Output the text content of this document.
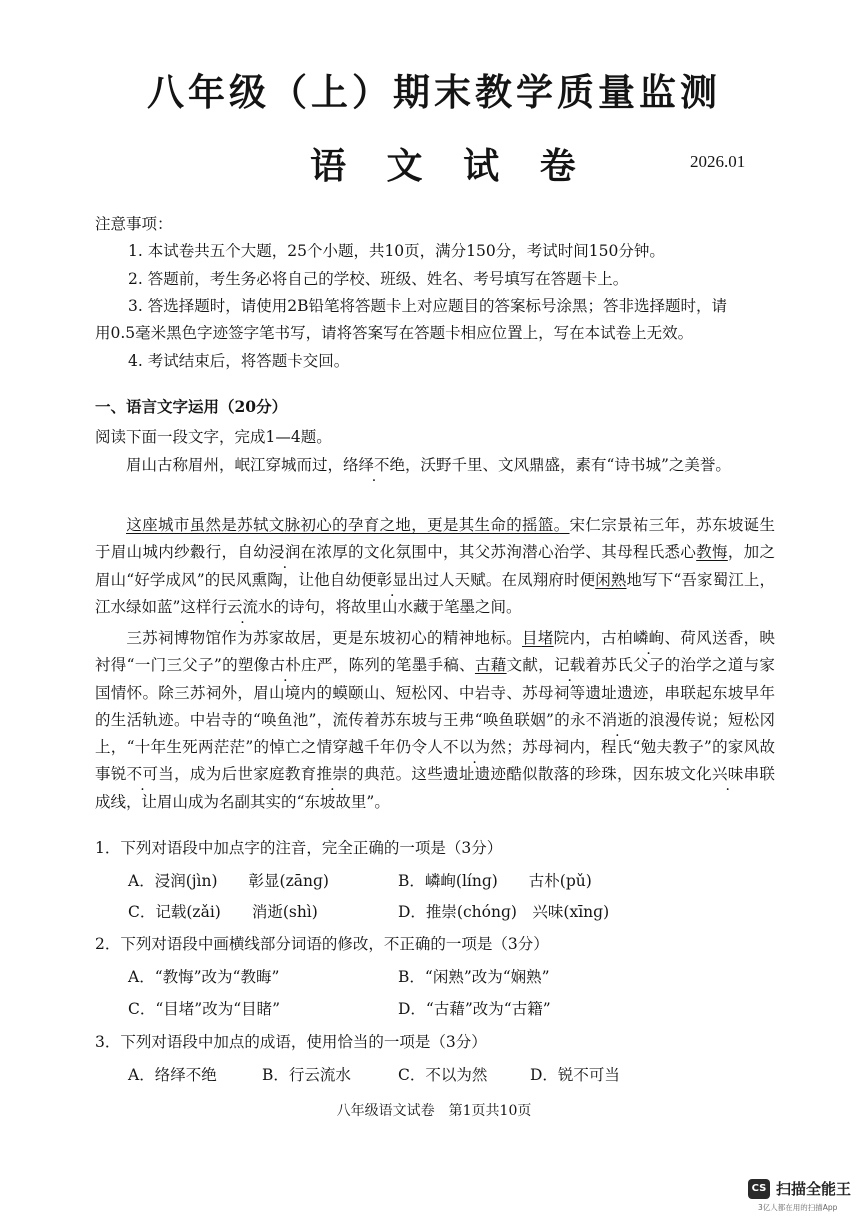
八年级（上）期末教学质量监测
语 文 试 卷	2026.01
注意事项：
1. 本试卷共五个大题，25个小题，共10页，满分150分，考试时间150分钟。
2. 答题前，考生务必将自己的学校、班级、姓名、考号填写在答题卡上。
3. 答选择题时，请使用2B铅笔将答题卡上对应题目的答案标号涂黑；答非选择题时，请
用0.5毫米黑色字迹签字笔书写，请将答案写在答题卡相应位置上，写在本试卷上无效。
4. 考试结束后，将答题卡交回。
一、语言文字运用（20分）
阅读下面一段文字，完成1—4题。
眉山古称眉州，岷江穿城而过，络绎不绝，沃野千里、文风鼎盛，素有“诗书城”之美誉。
这座城市虽然是苏轼文脉初心的孕育之地，更是其生命的摇篮。宋仁宗景祐三年，苏东坡诞生于眉山城内纱縠行，自幼浸润在浓厚的文化氛围中，其父苏洵潜心治学、其母程氏悉心教悔，加之眉山“好学成风”的民风熏陶，让他自幼便彰显出过人天赋。在凤翔府时便闲熟地写下“吾家蜀江上，江水绿如蓝”这样行云流水的诗句，将故里山水藏于笔墨之间。
三苏祠博物馆作为苏家故居，更是东坡初心的精神地标。目堵院内，古柏嶙峋、荷风送香，映衬得“一门三父子”的塑像古朴庄严，陈列的笔墨手稿、古藉文献，记载着苏氏父子的治学之道与家国情怀。除三苏祠外，眉山境内的蟆颐山、短松冈、中岩寺、苏母祠等遗址遗迹，串联起东坡早年的生活轨迹。中岩寺的“唤鱼池”，流传着苏东坡与王弗“唤鱼联姻”的永不消逝的浪漫传说；短松冈上，“十年生死两茫茫”的悼亡之情穿越千年仍令人不以为然；苏母祠内，程氏“勉夫教子”的家风故事锐不可当，成为后世家庭教育推崇的典范。这些遗址遗迹酷似散落的珍珠，因东坡文化兴味串联成线，让眉山成为名副其实的“东坡故里”。
1．下列对语段中加点字的注音，完全正确的一项是（3分）
A．浸润(jìn)　　彰显(zānɡ)	B．嶙峋(línɡ)　　古朴(pǔ)
C．记载(zǎi)　　消逝(shì)	D．推崇(chónɡ)　兴味(xīnɡ)
2．下列对语段中画横线部分词语的修改，不正确的一项是（3分）
A．“教悔”改为“教晦”	B．“闲熟”改为“娴熟”
C．“目堵”改为“目睹”	D．“古藉”改为“古籍”
3．下列对语段中加点的成语，使用恰当的一项是（3分）
A．络绎不绝	B．行云流水	C．不以为然	D．锐不可当
八年级语文试卷　第1页共10页
CS 扫描全能王
3亿人都在用的扫描App
